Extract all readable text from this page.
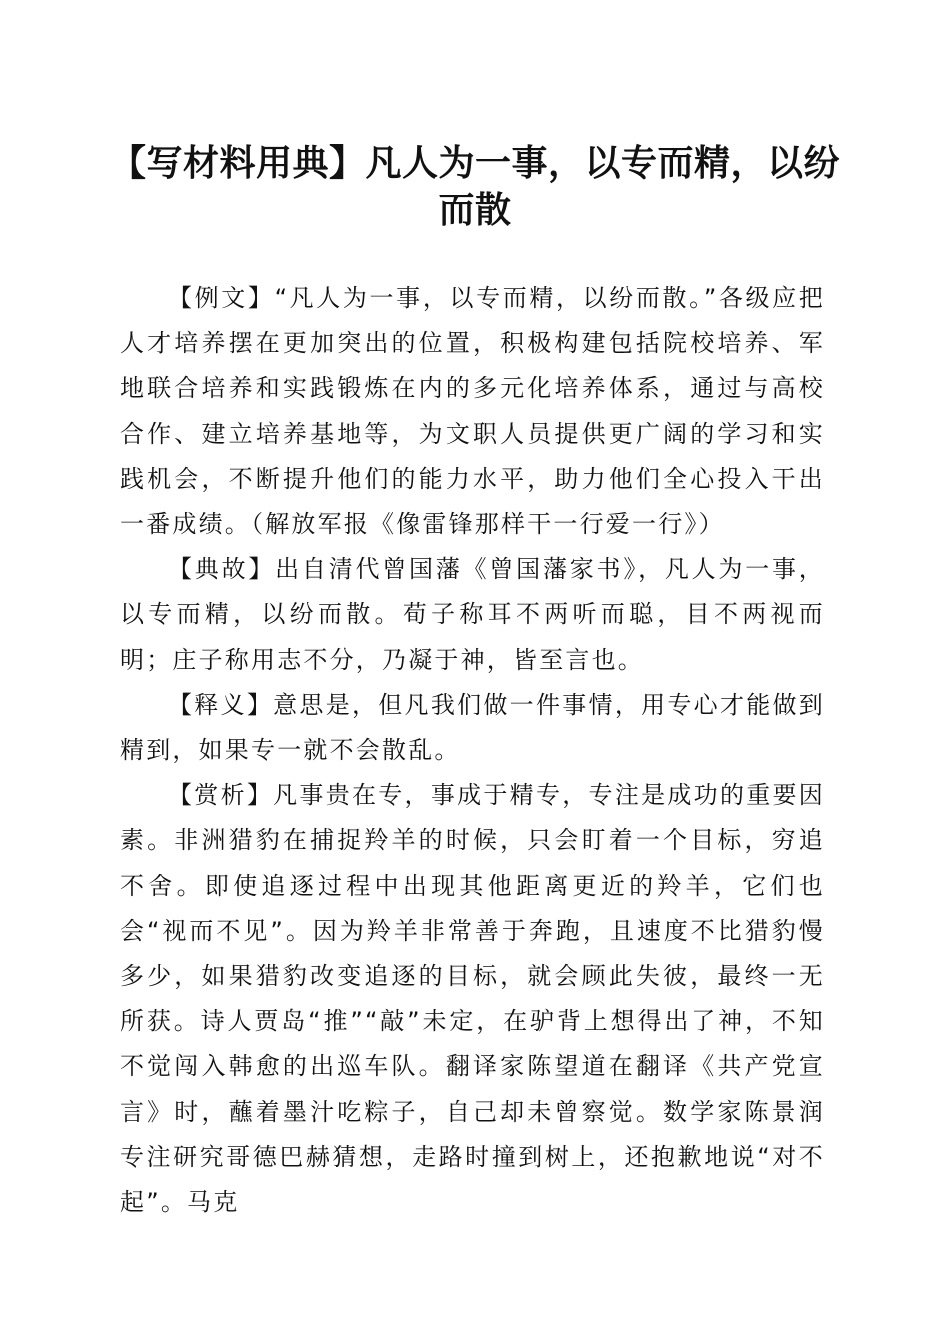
【写材料用典】凡人为一事，以专而精，以纷而散

【例文】“凡人为一事，以专而精，以纷而散。”各级应把人才培养摆在更加突出的位置，积极构建包括院校培养、军地联合培养和实践锻炼在内的多元化培养体系，通过与高校合作、建立培养基地等，为文职人员提供更广阔的学习和实践机会，不断提升他们的能力水平，助力他们全心投入干出一番成绩。（解放军报《像雷锋那样干一行爱一行》）

【典故】出自清代曾国藩《曾国藩家书》，凡人为一事，以专而精，以纷而散。荀子称耳不两听而聪，目不两视而明；庄子称用志不分，乃凝于神，皆至言也。

【释义】意思是，但凡我们做一件事情，用专心才能做到精到，如果专一就不会散乱。

【赏析】凡事贵在专，事成于精专，专注是成功的重要因素。非洲猎豹在捕捉羚羊的时候，只会盯着一个目标，穷追不舍。即使追逐过程中出现其他距离更近的羚羊，它们也会“视而不见”。因为羚羊非常善于奔跑，且速度不比猎豹慢多少，如果猎豹改变追逐的目标，就会顾此失彼，最终一无所获。诗人贾岛“推”“敲”未定，在驴背上想得出了神，不知不觉闯入韩愈的出巡车队。翻译家陈望道在翻译《共产党宣言》时，蘸着墨汁吃粽子，自己却未曾察觉。数学家陈景润专注研究哥德巴赫猜想，走路时撞到树上，还抱歉地说“对不起”。马克
